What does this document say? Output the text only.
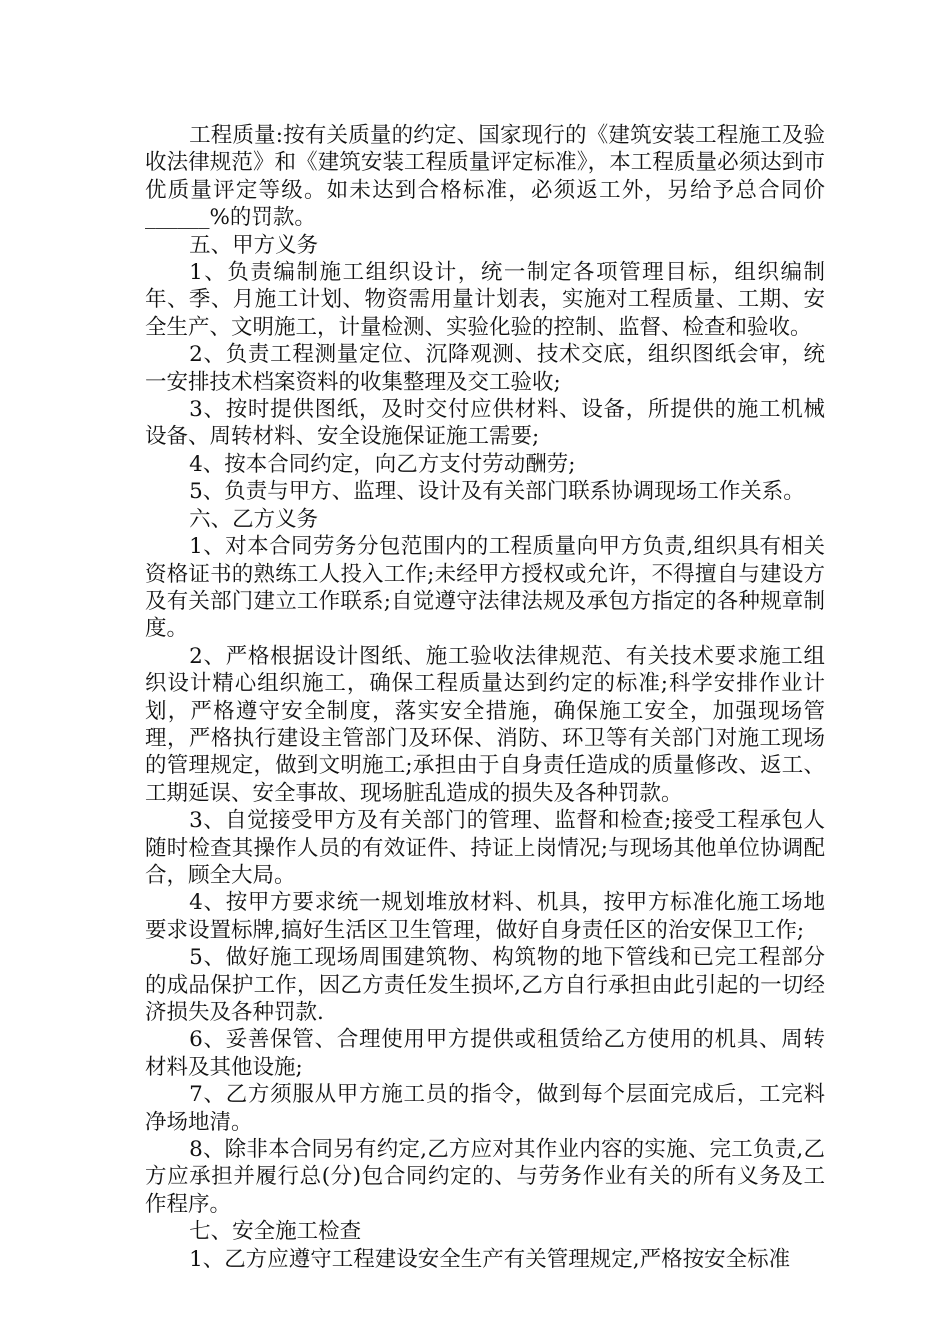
工程质量:按有关质量的约定、国家现行的《建筑安装工程施工及验收法律规范》和《建筑安装工程质量评定标准》，本工程质量必须达到市优质量评定等级。如未达到合格标准，必须返工外，另给予总合同价______%的罚款。

五、甲方义务

1、负责编制施工组织设计，统一制定各项管理目标，组织编制年、季、月施工计划、物资需用量计划表，实施对工程质量、工期、安全生产、文明施工，计量检测、实验化验的控制、监督、检查和验收。

2、负责工程测量定位、沉降观测、技术交底，组织图纸会审，统一安排技术档案资料的收集整理及交工验收;

3、按时提供图纸，及时交付应供材料、设备，所提供的施工机械设备、周转材料、安全设施保证施工需要;

4、按本合同约定，向乙方支付劳动酬劳;

5、负责与甲方、监理、设计及有关部门联系协调现场工作关系。

六、乙方义务

1、对本合同劳务分包范围内的工程质量向甲方负责,组织具有相关资格证书的熟练工人投入工作;未经甲方授权或允许，不得擅自与建设方及有关部门建立工作联系;自觉遵守法律法规及承包方指定的各种规章制度。

2、严格根据设计图纸、施工验收法律规范、有关技术要求施工组织设计精心组织施工，确保工程质量达到约定的标准;科学安排作业计划，严格遵守安全制度，落实安全措施，确保施工安全，加强现场管理，严格执行建设主管部门及环保、消防、环卫等有关部门对施工现场的管理规定，做到文明施工;承担由于自身责任造成的质量修改、返工、工期延误、安全事故、现场脏乱造成的损失及各种罚款。

3、自觉接受甲方及有关部门的管理、监督和检查;接受工程承包人随时检查其操作人员的有效证件、持证上岗情况;与现场其他单位协调配合，顾全大局。

4、按甲方要求统一规划堆放材料、机具，按甲方标准化施工场地要求设置标牌,搞好生活区卫生管理，做好自身责任区的治安保卫工作;

5、做好施工现场周围建筑物、构筑物的地下管线和已完工程部分的成品保护工作，因乙方责任发生损坏,乙方自行承担由此引起的一切经济损失及各种罚款.

6、妥善保管、合理使用甲方提供或租赁给乙方使用的机具、周转材料及其他设施;

7、乙方须服从甲方施工员的指令，做到每个层面完成后，工完料净场地清。

8、除非本合同另有约定,乙方应对其作业内容的实施、完工负责,乙方应承担并履行总(分)包合同约定的、与劳务作业有关的所有义务及工作程序。

七、安全施工检查

1、乙方应遵守工程建设安全生产有关管理规定,严格按安全标准
